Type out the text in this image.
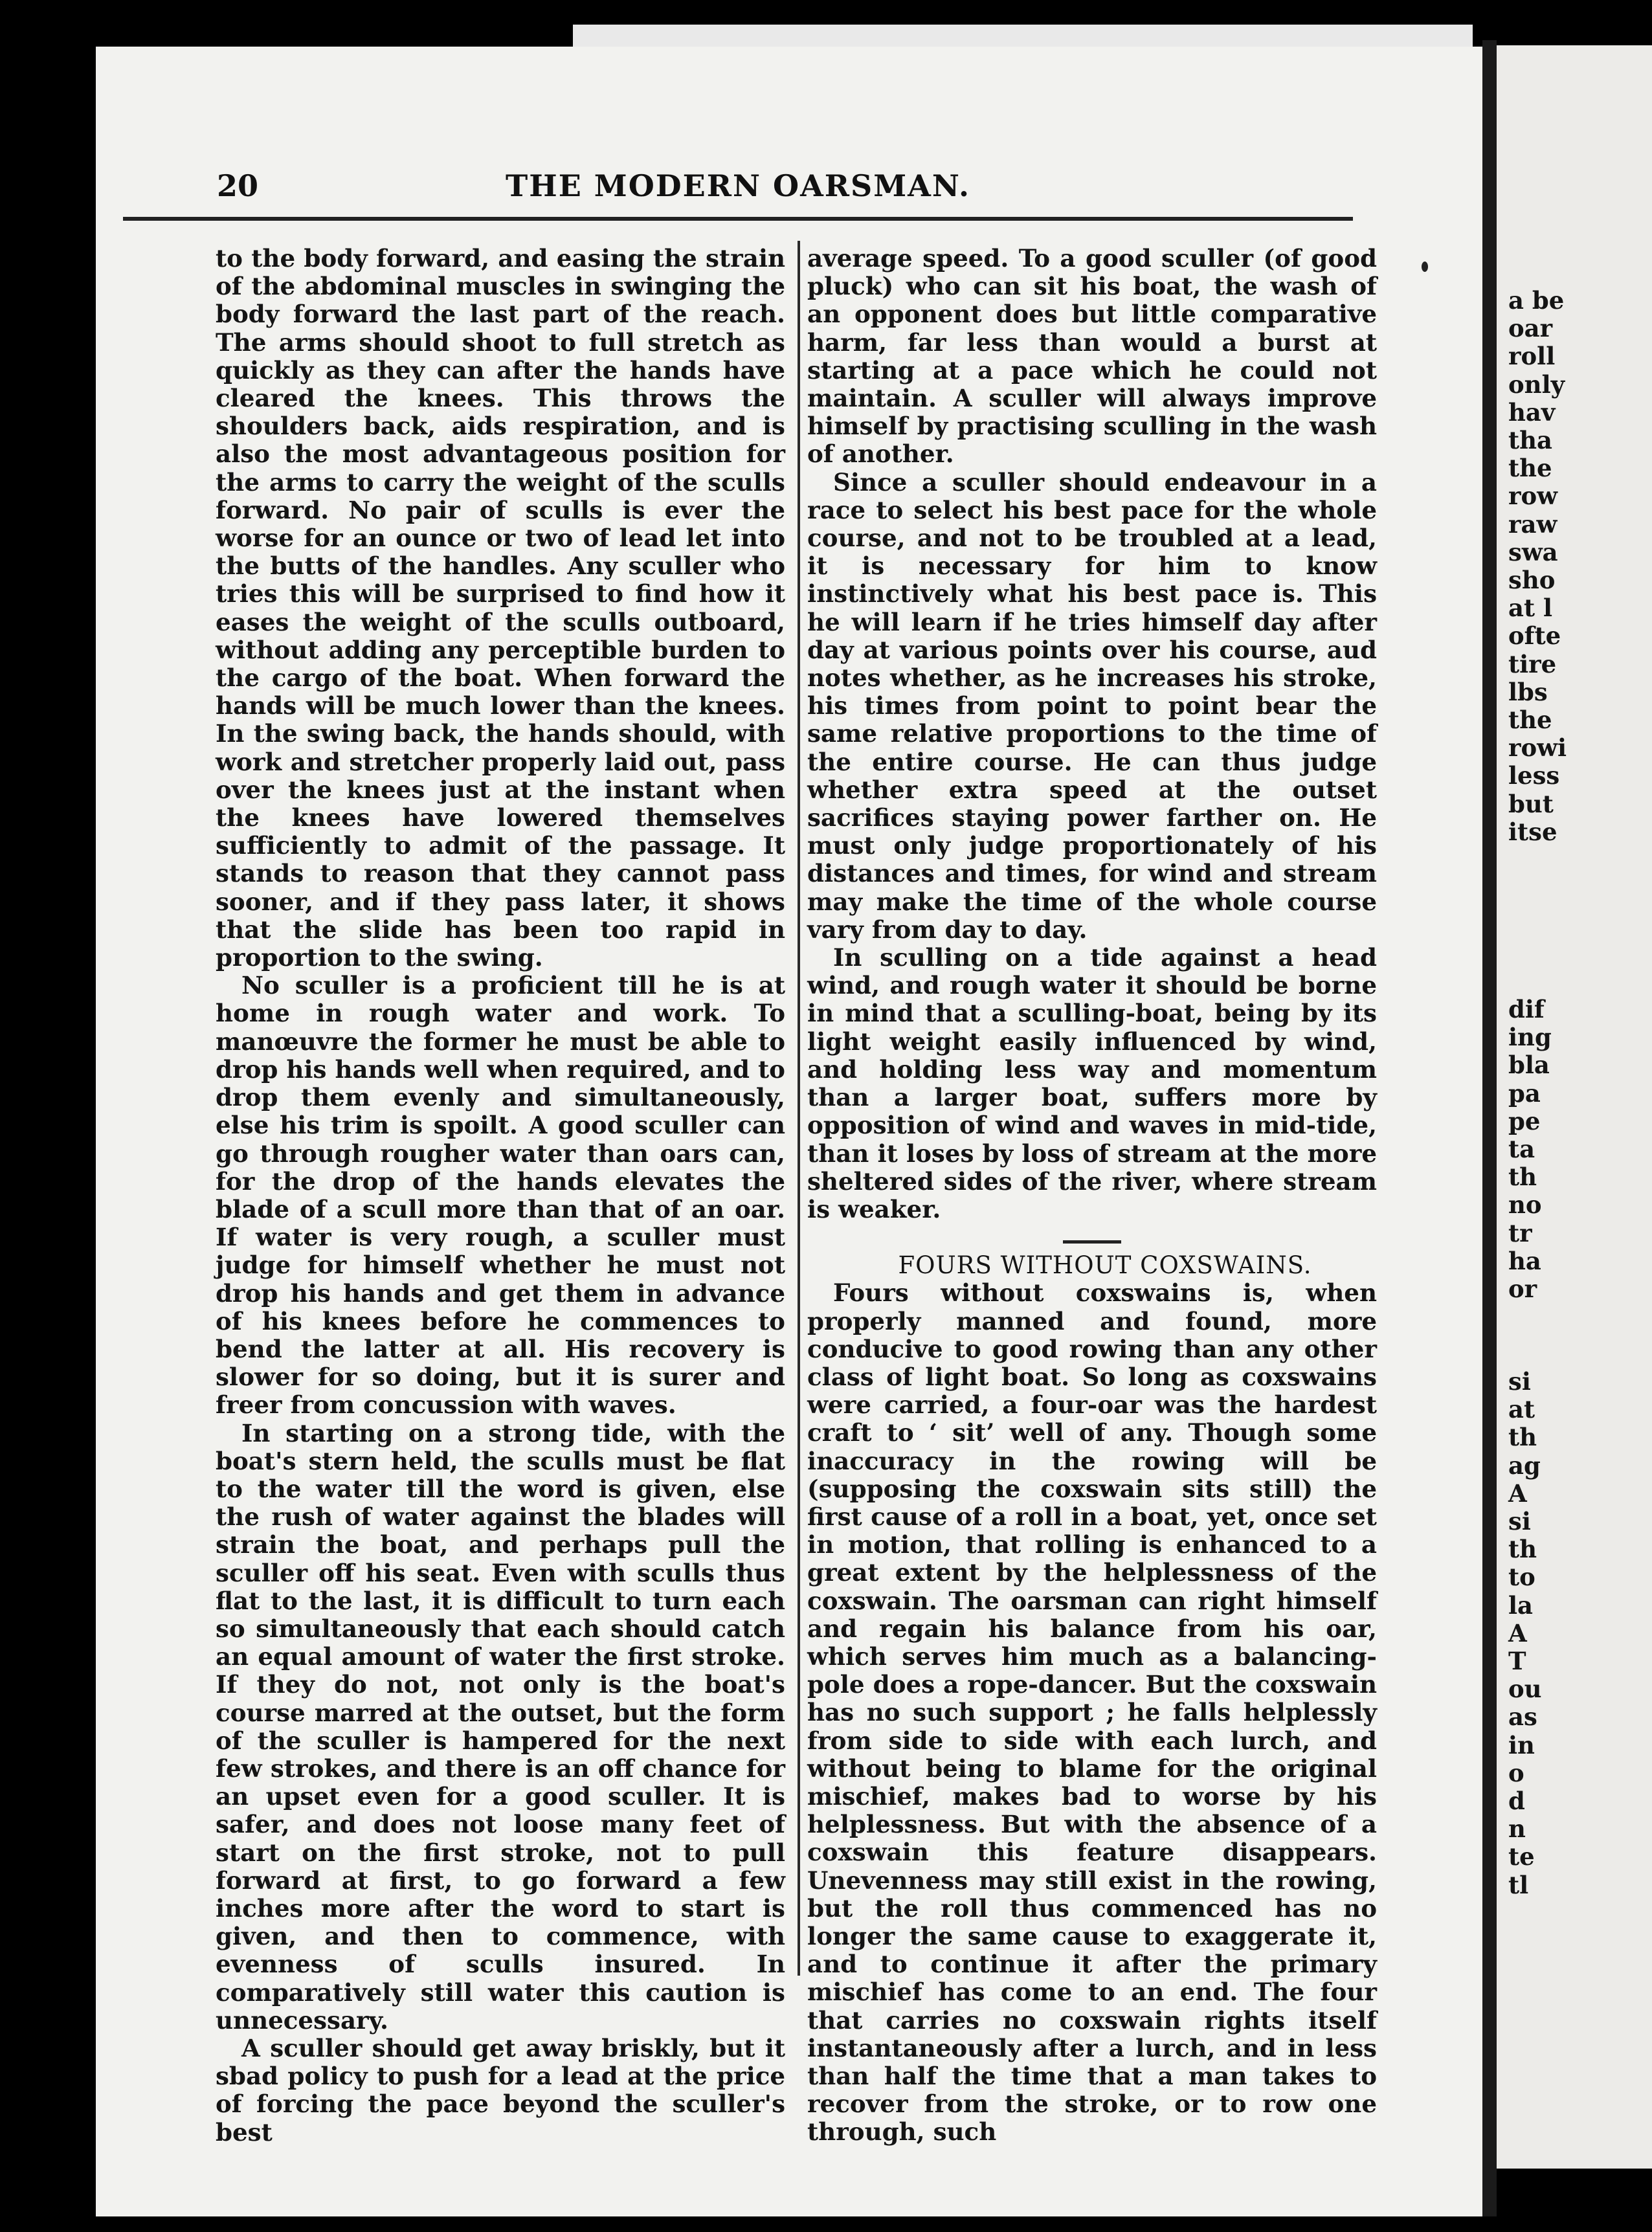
a be
oar
roll
only
hav
tha
the
row
raw
swa
sho
at l
ofte
tire
lbs
the
rowi
less
but
itse
dif
ing
bla
pa
pe
ta
th
no
tr
ha
or
si
at
th
ag
A
si
th
to
la
A
T
ou
as
in
o
d
n
te
tl
20	THE MODERN OARSMAN.

to the body forward, and easing the strain of the abdominal muscles in swinging the body forward the last part of the reach. The arms should shoot to full stretch as quickly as they can after the hands have cleared the knees. This throws the shoulders back, aids respiration, and is also the most advantageous position for the arms to carry the weight of the sculls forward. No pair of sculls is ever the worse for an ounce or two of lead let into the butts of the handles. Any sculler who tries this will be surprised to find how it eases the weight of the sculls outboard, without adding any perceptible burden to the cargo of the boat. When forward the hands will be much lower than the knees. In the swing back, the hands should, with work and stretcher properly laid out, pass over the knees just at the instant when the knees have lowered themselves sufficiently to admit of the passage. It stands to reason that they cannot pass sooner, and if they pass later, it shows that the slide has been too rapid in proportion to the swing.

No sculler is a proficient till he is at home in rough water and work. To manœuvre the former he must be able to drop his hands well when required, and to drop them evenly and simultaneously, else his trim is spoilt. A good sculler can go through rougher water than oars can, for the drop of the hands elevates the blade of a scull more than that of an oar. If water is very rough, a sculler must judge for himself whether he must not drop his hands and get them in advance of his knees before he commences to bend the latter at all. His recovery is slower for so doing, but it is surer and freer from concussion with waves.

In starting on a strong tide, with the boat's stern held, the sculls must be flat to the water till the word is given, else the rush of water against the blades will strain the boat, and perhaps pull the sculler off his seat. Even with sculls thus flat to the last, it is difficult to turn each so simultaneously that each should catch an equal amount of water the first stroke. If they do not, not only is the boat's course marred at the outset, but the form of the sculler is hampered for the next few strokes, and there is an off chance for an upset even for a good sculler. It is safer, and does not loose many feet of start on the first stroke, not to pull forward at first, to go forward a few inches more after the word to start is given, and then to commence, with evenness of sculls insured. In comparatively still water this caution is unnecessary.

A sculler should get away briskly, but it sbad policy to push for a lead at the price of forcing the pace beyond the sculler's best

average speed. To a good sculler (of good pluck) who can sit his boat, the wash of an opponent does but little comparative harm, far less than would a burst at starting at a pace which he could not maintain. A sculler will always improve himself by practising sculling in the wash of another.

Since a sculler should endeavour in a race to select his best pace for the whole course, and not to be troubled at a lead, it is necessary for him to know instinctively what his best pace is. This he will learn if he tries himself day after day at various points over his course, aud notes whether, as he increases his stroke, his times from point to point bear the same relative proportions to the time of the entire course. He can thus judge whether extra speed at the outset sacrifices staying power farther on. He must only judge proportionately of his distances and times, for wind and stream may make the time of the whole course vary from day to day.

In sculling on a tide against a head wind, and rough water it should be borne in mind that a sculling-boat, being by its light weight easily influenced by wind, and holding less way and momentum than a larger boat, suffers more by opposition of wind and waves in mid-tide, than it loses by loss of stream at the more sheltered sides of the river, where stream is weaker.

FOURS WITHOUT COXSWAINS.

Fours without coxswains is, when properly manned and found, more conducive to good rowing than any other class of light boat. So long as coxswains were carried, a four-oar was the hardest craft to ‘ sit’ well of any. Though some inaccuracy in the rowing will be (supposing the coxswain sits still) the first cause of a roll in a boat, yet, once set in motion, that rolling is enhanced to a great extent by the helplessness of the coxswain. The oarsman can right himself and regain his balance from his oar, which serves him much as a balancing-pole does a rope-dancer. But the coxswain has no such support ; he falls helplessly from side to side with each lurch, and without being to blame for the original mischief, makes bad to worse by his helplessness. But with the absence of a coxswain this feature disappears. Unevenness may still exist in the rowing, but the roll thus commenced has no longer the same cause to exaggerate it, and to continue it after the primary mischief has come to an end. The four that carries no coxswain rights itself instantaneously after a lurch, and in less than half the time that a man takes to recover from the stroke, or to row one through, such
